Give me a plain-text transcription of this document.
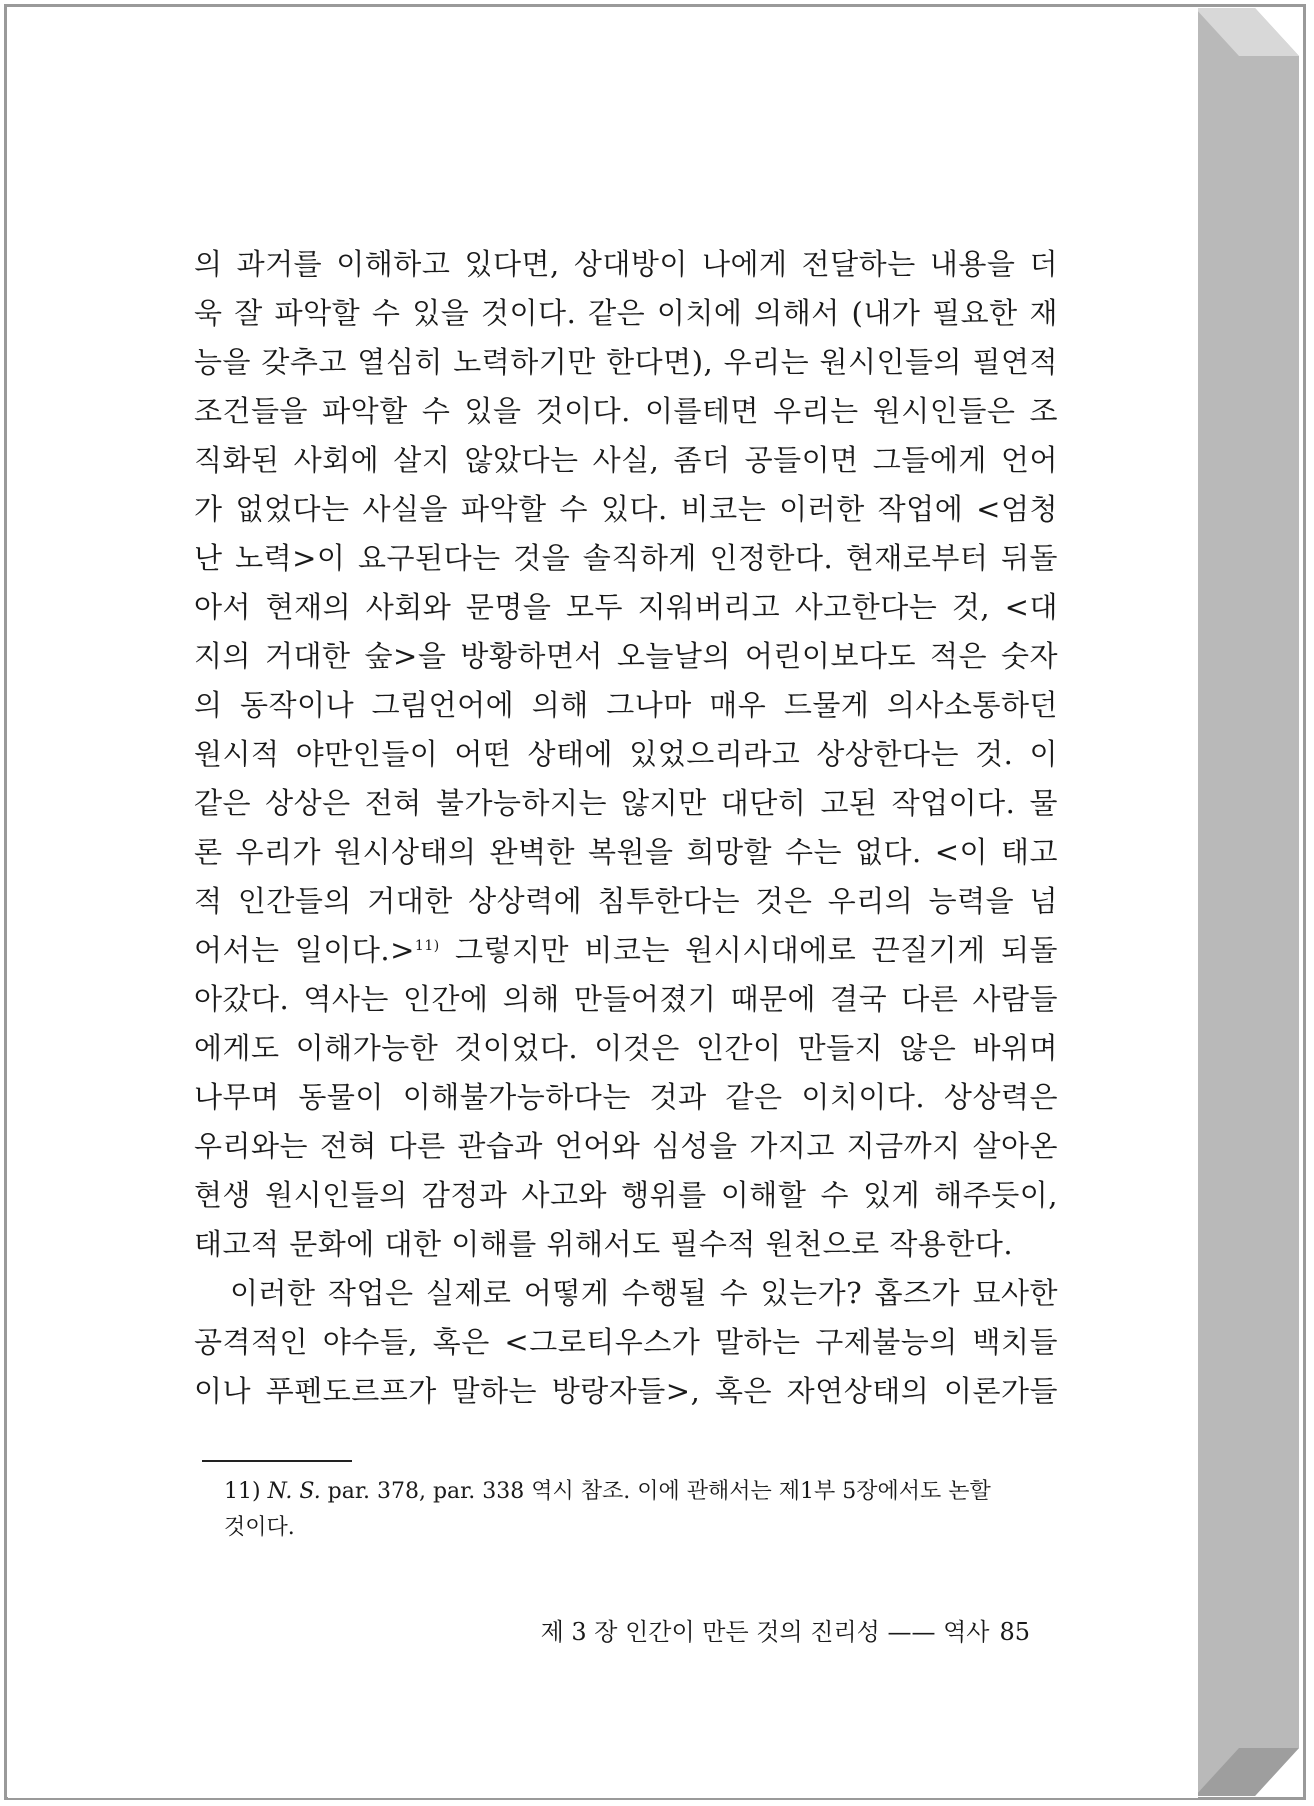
의 과거를 이해하고 있다면, 상대방이 나에게 전달하는 내용을 더
욱 잘 파악할 수 있을 것이다. 같은 이치에 의해서 (내가 필요한 재
능을 갖추고 열심히 노력하기만 한다면), 우리는 원시인들의 필연적
조건들을 파악할 수 있을 것이다. 이를테면 우리는 원시인들은 조
직화된 사회에 살지 않았다는 사실, 좀더 공들이면 그들에게 언어
가 없었다는 사실을 파악할 수 있다. 비코는 이러한 작업에 <엄청
난 노력>이 요구된다는 것을 솔직하게 인정한다. 현재로부터 뒤돌
아서 현재의 사회와 문명을 모두 지워버리고 사고한다는 것, <대
지의 거대한 숲>을 방황하면서 오늘날의 어린이보다도 적은 숫자
의 동작이나 그림언어에 의해 그나마 매우 드물게 의사소통하던
원시적 야만인들이 어떤 상태에 있었으리라고 상상한다는 것. 이
같은 상상은 전혀 불가능하지는 않지만 대단히 고된 작업이다. 물
론 우리가 원시상태의 완벽한 복원을 희망할 수는 없다. <이 태고
적 인간들의 거대한 상상력에 침투한다는 것은 우리의 능력을 넘
어서는 일이다.>$^{11)}$ 그렇지만 비코는 원시시대에로 끈질기게 되돌
아갔다. 역사는 인간에 의해 만들어졌기 때문에 결국 다른 사람들
에게도 이해가능한 것이었다. 이것은 인간이 만들지 않은 바위며
나무며 동물이 이해불가능하다는 것과 같은 이치이다. 상상력은
우리와는 전혀 다른 관습과 언어와 심성을 가지고 지금까지 살아온
현생 원시인들의 감정과 사고와 행위를 이해할 수 있게 해주듯이,
태고적 문화에 대한 이해를 위해서도 필수적 원천으로 작용한다.
이러한 작업은 실제로 어떻게 수행될 수 있는가? 홉즈가 묘사한
공격적인 야수들, 혹은 <그로티우스가 말하는 구제불능의 백치들
이나 푸펜도르프가 말하는 방랑자들>, 혹은 자연상태의 이론가들
11) N. S. par. 378, par. 338 역시 참조. 이에 관해서는 제1부 5장에서도 논할
것이다.
제 3 장 인간이 만든 것의 진리성 —— 역사 85
